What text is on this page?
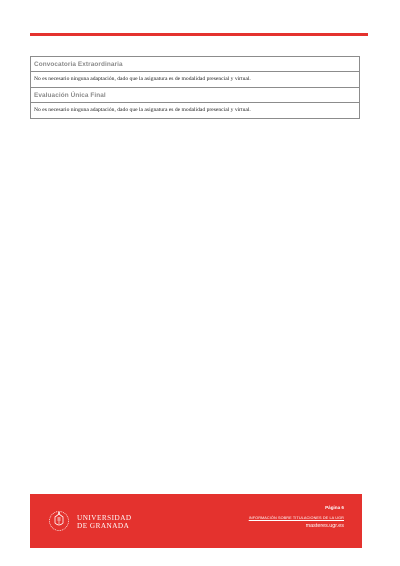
Convocatoria Extraordinaria
No es necesario ninguna adaptación, dado que la asignatura es de modalidad presencial y virtual.
Evaluación Única Final
No es necesario ninguna adaptación, dado que la asignatura es de modalidad presencial y virtual.
UNIVERSIDAD
DE GRANADA
Página 6
INFORMACIÓN SOBRE TITULACIONES DE LA UGR
masteres.ugr.es
